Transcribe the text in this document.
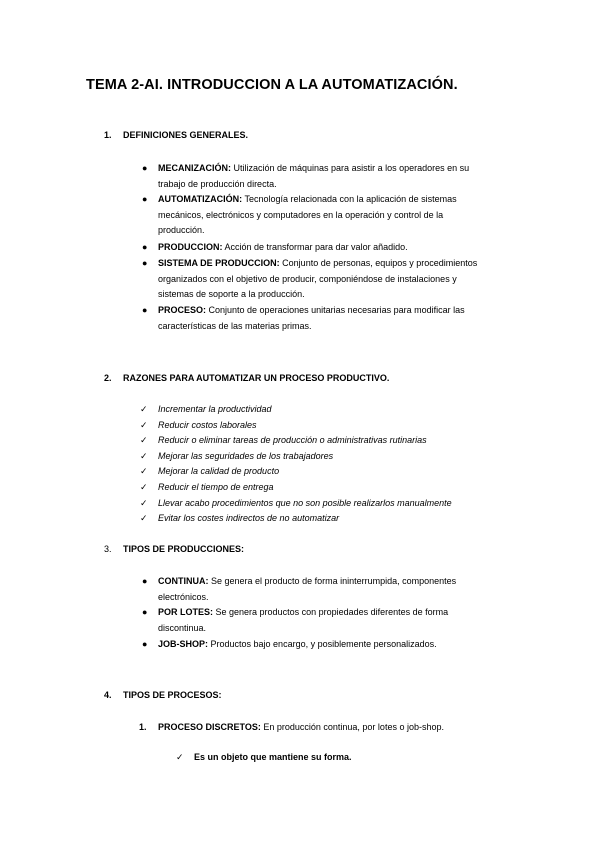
TEMA 2-AI. INTRODUCCION A LA AUTOMATIZACIÓN.
1. DEFINICIONES GENERALES.
● MECANIZACIÓN: Utilización de máquinas para asistir a los operadores en su
trabajo de producción directa.
● AUTOMATIZACIÓN: Tecnología relacionada con la aplicación de sistemas
mecánicos, electrónicos y computadores en la operación y control de la
producción.
● PRODUCCION: Acción de transformar para dar valor añadido.
● SISTEMA DE PRODUCCION: Conjunto de personas, equipos y procedimientos
organizados con el objetivo de producir, componiéndose de instalaciones y
sistemas de soporte a la producción.
● PROCESO: Conjunto de operaciones unitarias necesarias para modificar las
características de las materias primas.
2. RAZONES PARA AUTOMATIZAR UN PROCESO PRODUCTIVO.
✓ Incrementar la productividad
✓ Reducir costos laborales
✓ Reducir o eliminar tareas de producción o administrativas rutinarias
✓ Mejorar las seguridades de los trabajadores
✓ Mejorar la calidad de producto
✓ Reducir el tiempo de entrega
✓ Llevar acabo procedimientos que no son posible realizarlos manualmente
✓ Evitar los costes indirectos de no automatizar
3. TIPOS DE PRODUCCIONES:
● CONTINUA: Se genera el producto de forma ininterrumpida, componentes
electrónicos.
● POR LOTES: Se genera productos con propiedades diferentes de forma
discontinua.
● JOB-SHOP: Productos bajo encargo, y posiblemente personalizados.
4. TIPOS DE PROCESOS:
1. PROCESO DISCRETOS: En producción continua, por lotes o job-shop.
✓ Es un objeto que mantiene su forma.
